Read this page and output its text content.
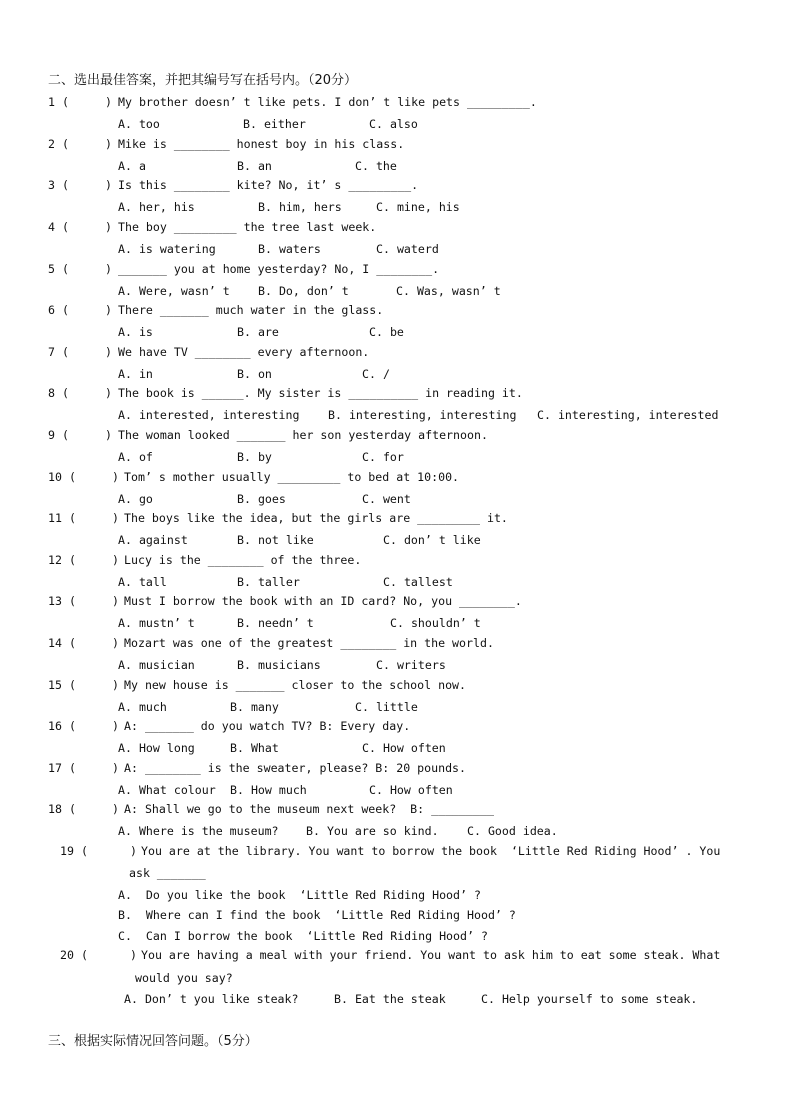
二、选出最佳答案，并把其编号写在括号内。（20分）
1 (	) My brother doesn’ t like pets. I don’ t like pets _________.
A. too	B. either	C. also
2 (	) Mike is ________ honest boy in his class.
A. a	B. an	C. the
3 (	) Is this ________ kite? No, it’ s _________.
A. her, his	B. him, hers	C. mine, his
4 (	) The boy _________ the tree last week.
A. is watering	B. waters	C. waterd
5 (	) _______ you at home yesterday? No, I ________.
A. Were, wasn’ t B. Do, don’ t	C. Was, wasn’ t
6 (	) There _______ much water in the glass.
A. is	B. are	C. be
7 (	) We have TV ________ every afternoon.
A. in	B. on	C. /
8 (	) The book is ______. My sister is __________ in reading it.
A. interested, interesting B. interesting, interesting C. interesting, interested
9 (	) The woman looked _______ her son yesterday afternoon.
A. of	B. by	C. for
10 (	) Tom’ s mother usually _________ to bed at 10:00.
A. go	B. goes	C. went
11 (	) The boys like the idea, but the girls are _________ it.
A. against	B. not like	C. don’ t like
12 (	) Lucy is the ________ of the three.
A. tall	B. taller	C. tallest
13 (	) Must I borrow the book with an ID card? No, you ________.
A. mustn’ t	B. needn’ t	C. shouldn’ t
14 (	) Mozart was one of the greatest ________ in the world.
A. musician	B. musicians	C. writers
15 (	) My new house is _______ closer to the school now.
A. much	B. many	C. little
16 (	) A: _______ do you watch TV? B: Every day.
A. How long	B. What	C. How often
17 (	) A: ________ is the sweater, please? B: 20 pounds.
A. What colour B. How much	C. How often
18 (	) A: Shall we go to the museum next week?  B: _________
A. Where is the museum? B. You are so kind. C. Good idea.
19 (	) You are at the library. You want to borrow the book  ‘Little Red Riding Hood’ . You
ask _______
A.  Do you like the book  ‘Little Red Riding Hood’ ?
B.  Where can I find the book  ‘Little Red Riding Hood’ ?
C.  Can I borrow the book  ‘Little Red Riding Hood’ ?
20 (	) You are having a meal with your friend. You want to ask him to eat some steak. What
would you say?
A. Don’ t you like steak?	B. Eat the steak	C. Help yourself to some steak.
三、根据实际情况回答问题。（5分）
